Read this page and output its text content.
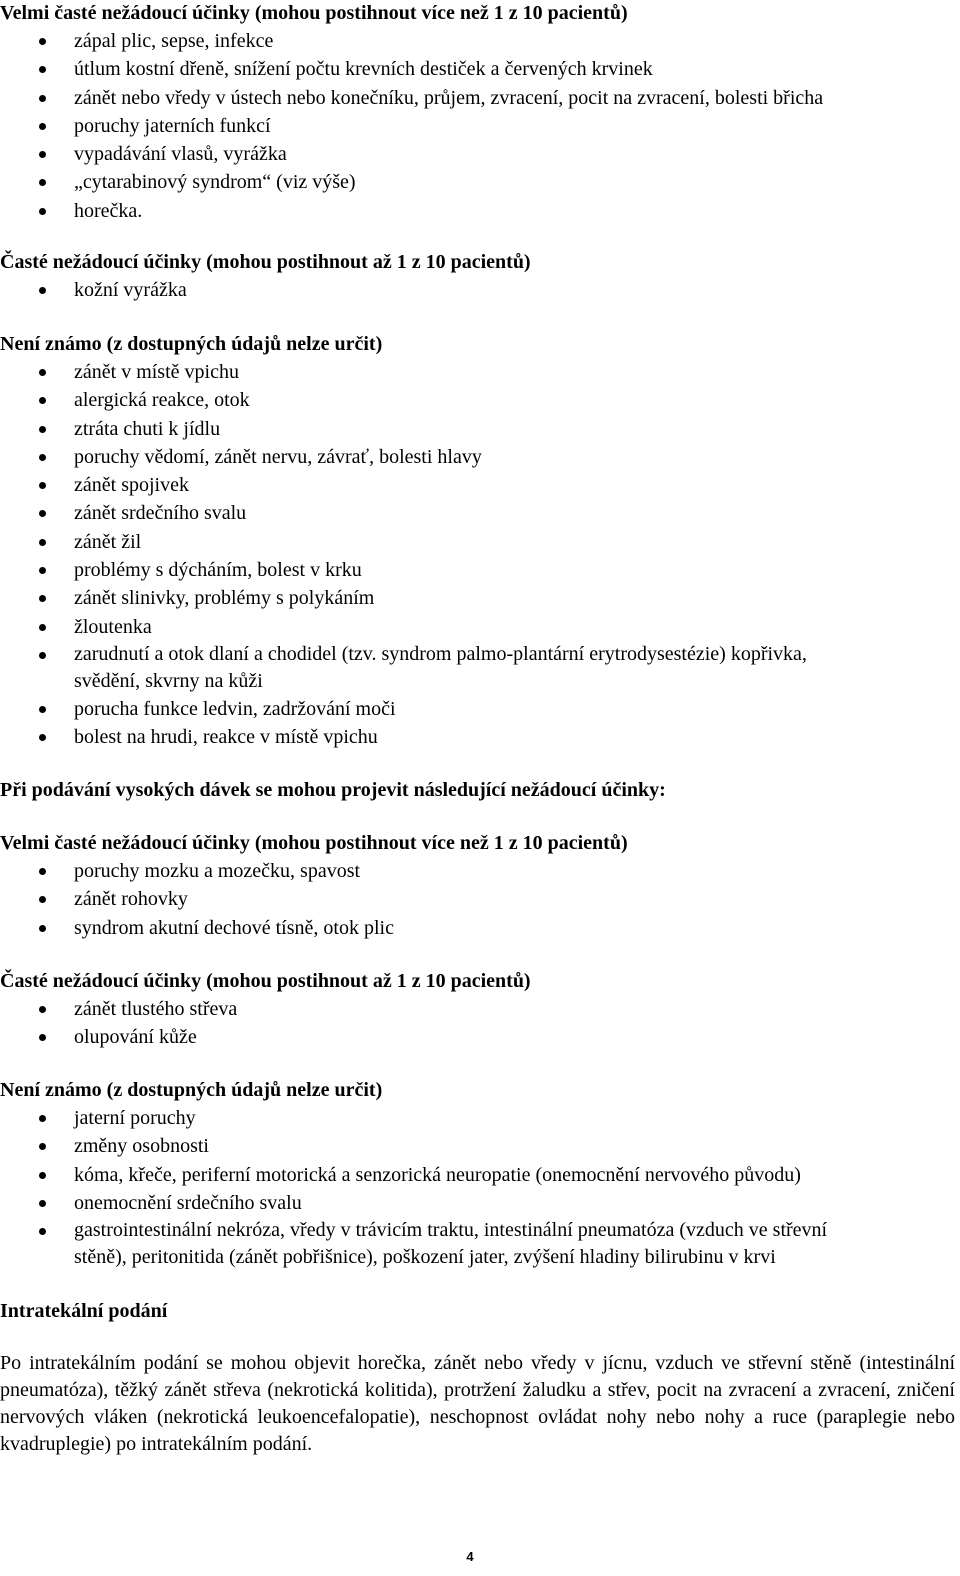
Velmi časté nežádoucí účinky (mohou postihnout více než 1 z 10 pacientů)

zápal plic, sepse, infekce
útlum kostní dřeně, snížení počtu krevních destiček a červených krvinek
zánět nebo vředy v ústech nebo konečníku, průjem, zvracení, pocit na zvracení, bolesti břicha
poruchy jaterních funkcí
vypadávání vlasů, vyrážka
„cytarabinový syndrom“ (viz výše)
horečka.

Časté nežádoucí účinky (mohou postihnout až 1 z 10 pacientů)

kožní vyrážka

Není známo (z dostupných údajů nelze určit)

zánět v místě vpichu
alergická reakce, otok
ztráta chuti k jídlu
poruchy vědomí, zánět nervu, závrať, bolesti hlavy
zánět spojivek
zánět srdečního svalu
zánět žil
problémy s dýcháním, bolest v krku
zánět slinivky, problémy s polykáním
žloutenka
zarudnutí a otok dlaní a chodidel (tzv. syndrom palmo-plantární erytrodysestézie) kopřivka,
svědění, skvrny na kůži
porucha funkce ledvin, zadržování moči
bolest na hrudi, reakce v místě vpichu

Při podávání vysokých dávek se mohou projevit následující nežádoucí účinky:

Velmi časté nežádoucí účinky (mohou postihnout více než 1 z 10 pacientů)

poruchy mozku a mozečku, spavost
zánět rohovky
syndrom akutní dechové tísně, otok plic

Časté nežádoucí účinky (mohou postihnout až 1 z 10 pacientů)

zánět tlustého střeva
olupování kůže

Není známo (z dostupných údajů nelze určit)

jaterní poruchy
změny osobnosti
kóma, křeče, periferní motorická a senzorická neuropatie (onemocnění nervového původu)
onemocnění srdečního svalu
gastrointestinální nekróza, vředy v trávicím traktu, intestinální pneumatóza (vzduch ve střevní
stěně), peritonitida (zánět pobřišnice), poškození jater, zvýšení hladiny bilirubinu v krvi

Intratekální podání

Po intratekálním podání se mohou objevit horečka, zánět nebo vředy v jícnu, vzduch ve střevní stěně (intestinální pneumatóza), těžký zánět střeva (nekrotická kolitida), protržení žaludku a střev, pocit na zvracení a zvracení, zničení nervových vláken (nekrotická leukoencefalopatie), neschopnost ovládat nohy nebo nohy a ruce (paraplegie nebo kvadruplegie) po intratekálním podání.

4
